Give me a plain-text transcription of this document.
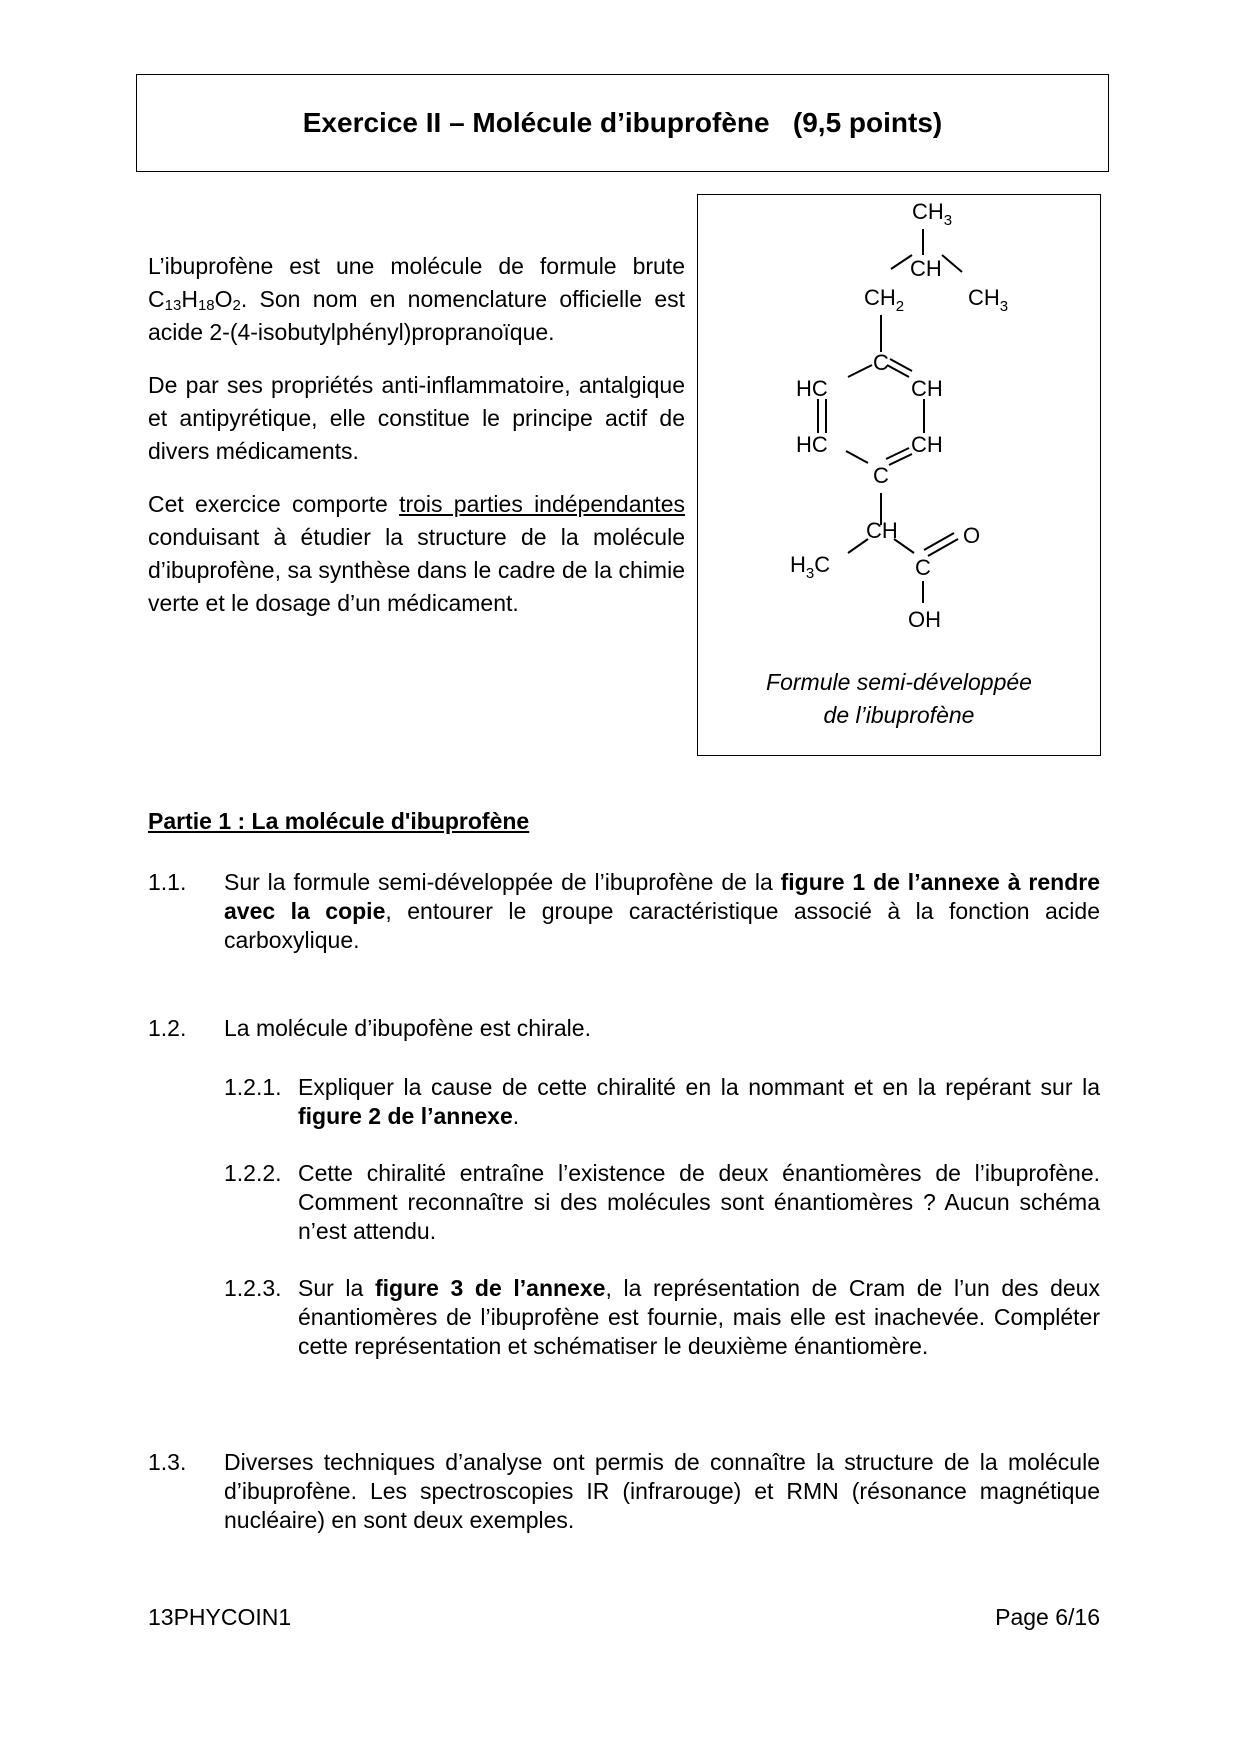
Exercice II – Molécule d’ibuprofène (9,5 points)

L’ibuprofène est une molécule de formule brute $C_{13}H_{18}O_2$. Son nom en nomenclature officielle est acide 2-(4-isobutylphényl)propranoïque.

De par ses propriétés anti-inflammatoire, antalgique et antipyrétique, elle constitue le principe actif de divers médicaments.

Cet exercice comporte trois parties indépendantes conduisant à étudier la structure de la molécule d’ibuprofène, sa synthèse dans le cadre de la chimie verte et le dosage d’un médicament.

$CH_3$
CH
$CH_2$	$CH_3$
C
HC	CH
HC	CH
C
CH	O
$H_3C$	C
OH
Formule semi-développée
de l’ibuprofène
Partie 1 : La molécule d'ibuprofène
1.1. Sur la formule semi-développée de l’ibuprofène de la figure 1 de l’annexe à rendre avec la copie, entourer le groupe caractéristique associé à la fonction acide carboxylique.
1.2. La molécule d’ibupofène est chirale.
1.2.1. Expliquer la cause de cette chiralité en la nommant et en la repérant sur la figure 2 de l’annexe.
1.2.2. Cette chiralité entraîne l’existence de deux énantiomères de l’ibuprofène. Comment reconnaître si des molécules sont énantiomères ? Aucun schéma n’est attendu.
1.2.3. Sur la figure 3 de l’annexe, la représentation de Cram de l’un des deux énantiomères de l’ibuprofène est fournie, mais elle est inachevée. Compléter cette représentation et schématiser le deuxième énantiomère.
1.3. Diverses techniques d’analyse ont permis de connaître la structure de la molécule d’ibuprofène. Les spectroscopies IR (infrarouge) et RMN (résonance magnétique nucléaire) en sont deux exemples.
13PHYCOIN1	Page 6/16
